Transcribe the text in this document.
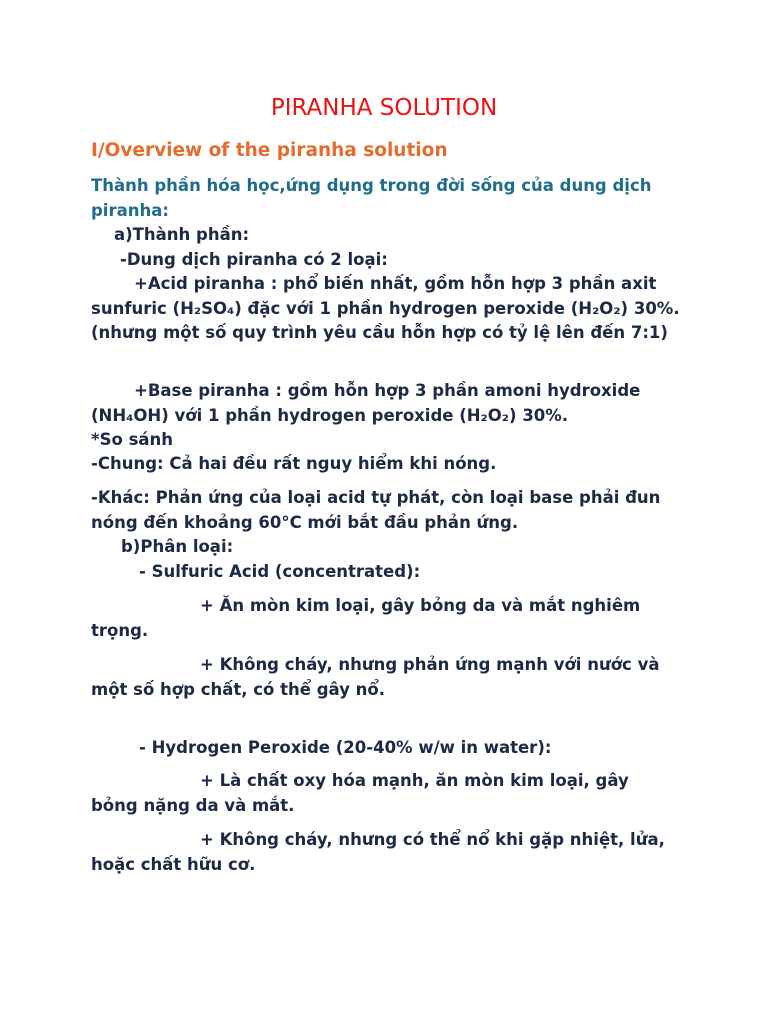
PIRANHA SOLUTION
I/Overview of the piranha solution

Thành phần hóa học,ứng dụng trong đời sống của dung dịch piranha:

a)Thành phần:

-Dung dịch piranha có 2 loại:

+Acid piranha : phổ biến nhất, gồm hỗn hợp 3 phần axit sunfuric (H₂SO₄) đặc với 1 phần hydrogen peroxide (H₂O₂) 30%.(nhưng một số quy trình yêu cầu hỗn hợp có tỷ lệ lên đến 7:1)

+Base piranha : gồm hỗn hợp 3 phần amoni hydroxide (NH₄OH) với 1 phần hydrogen peroxide (H₂O₂) 30%.

*So sánh

-Chung: Cả hai đều rất nguy hiểm khi nóng.

-Khác: Phản ứng của loại acid tự phát, còn loại base phải đun nóng đến khoảng 60°C mới bắt đầu phản ứng.

b)Phân loại:

- Sulfuric Acid (concentrated):

+ Ăn mòn kim loại, gây bỏng da và mắt nghiêm trọng.

+ Không cháy, nhưng phản ứng mạnh với nước và một số hợp chất, có thể gây nổ.

- Hydrogen Peroxide (20-40% w/w in water):

+ Là chất oxy hóa mạnh, ăn mòn kim loại, gây bỏng nặng da và mắt.

+ Không cháy, nhưng có thể nổ khi gặp nhiệt, lửa, hoặc chất hữu cơ.
